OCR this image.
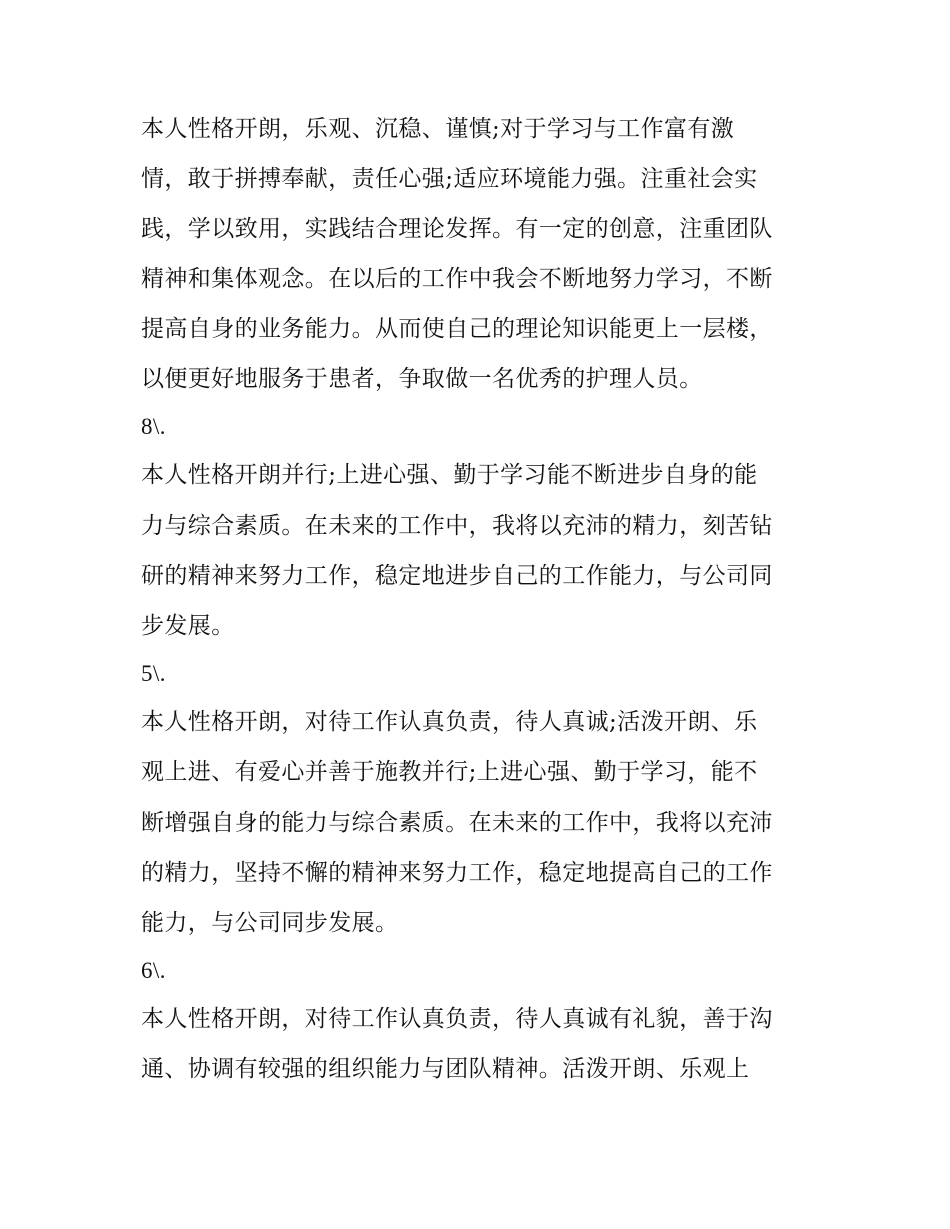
本人性格开朗，乐观、沉稳、谨慎;对于学习与工作富有激
情，敢于拼搏奉献，责任心强;适应环境能力强。注重社会实
践，学以致用，实践结合理论发挥。有一定的创意，注重团队
精神和集体观念。在以后的工作中我会不断地努力学习，不断
提高自身的业务能力。从而使自己的理论知识能更上一层楼，
以便更好地服务于患者，争取做一名优秀的护理人员。
8\.
本人性格开朗并行;上进心强、勤于学习能不断进步自身的能
力与综合素质。在未来的工作中，我将以充沛的精力，刻苦钻
研的精神来努力工作，稳定地进步自己的工作能力，与公司同
步发展。
5\.
本人性格开朗，对待工作认真负责，待人真诚;活泼开朗、乐
观上进、有爱心并善于施教并行;上进心强、勤于学习，能不
断增强自身的能力与综合素质。在未来的工作中，我将以充沛
的精力，坚持不懈的精神来努力工作，稳定地提高自己的工作
能力，与公司同步发展。
6\.
本人性格开朗，对待工作认真负责，待人真诚有礼貌，善于沟
通、协调有较强的组织能力与团队精神。活泼开朗、乐观上
